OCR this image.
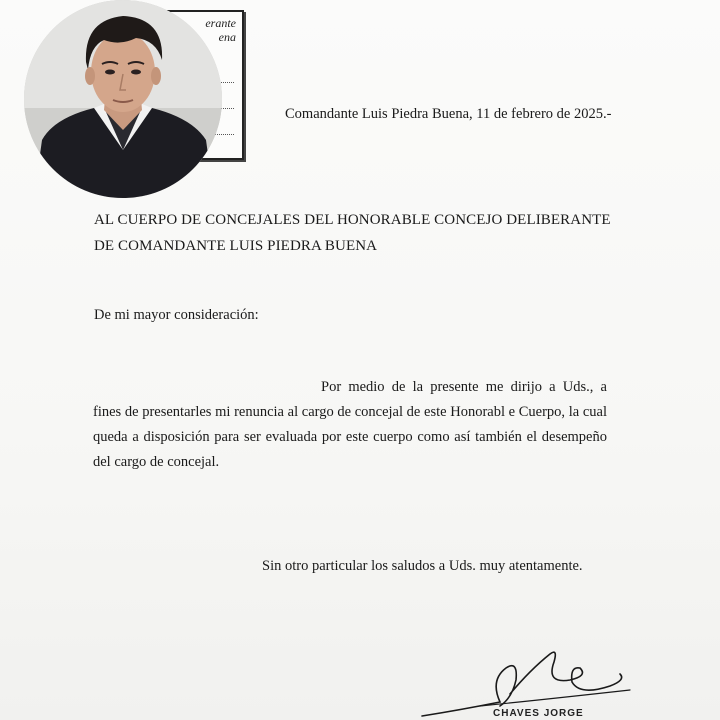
erante
ena
Comandante Luis Piedra Buena, 11 de febrero de 2025.-
AL CUERPO DE CONCEJALES DEL HONORABLE CONCEJO DELIBERANTE
DE COMANDANTE LUIS PIEDRA BUENA
De mi mayor consideración:
Por medio de la presente me dirijo a Uds., a
fines de presentarles mi renuncia al cargo de concejal de este Honorabl e Cuerpo, la cual
queda a disposición para ser evaluada por este cuerpo como así también el desempeño
del cargo de concejal.
Sin otro particular los saludos a Uds. muy atentamente.
CHAVES JORGE
